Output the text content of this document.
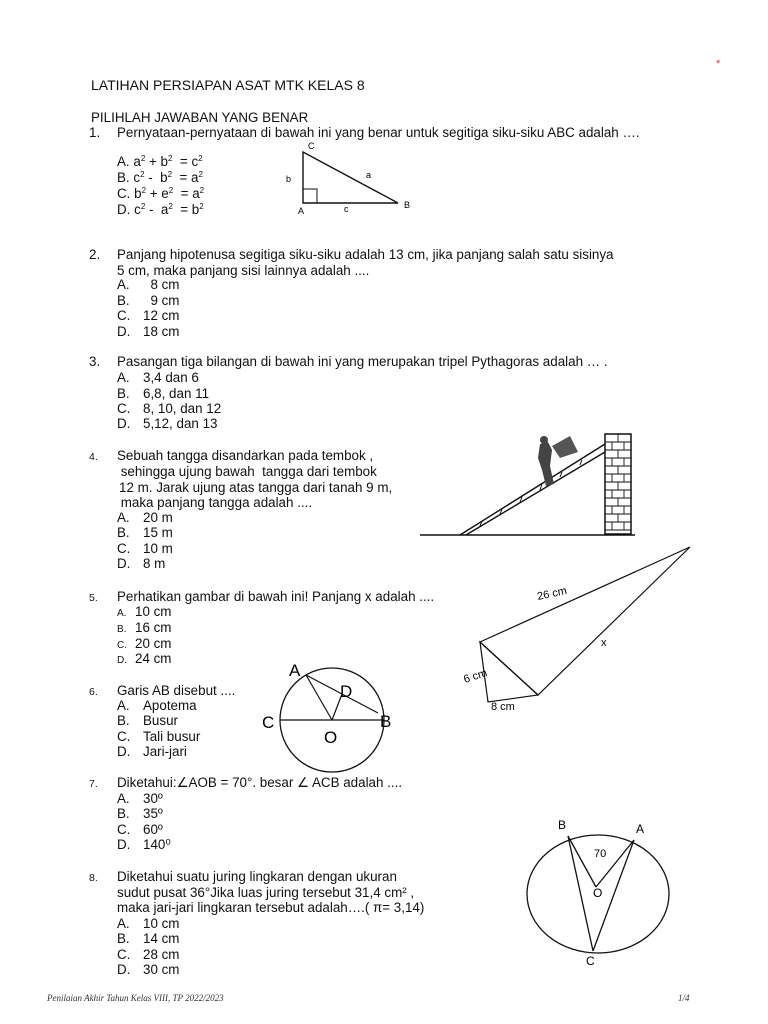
*
LATIHAN PERSIAPAN ASAT MTK KELAS 8
PILIHLAH JAWABAN YANG BENAR
1. Pernyataan-pernyataan di bawah ini yang benar untuk segitiga siku-siku ABC adalah ….
A. $a^2 + b^2 = c^2$
B. $c^2 - b^2 = a^2$
C. $b^2 + e^2 = a^2$
D. $c^2 - a^2 = b^2$
C
b	a
A	c	B
2. Panjang hipotenusa segitiga siku-siku adalah 13 cm, jika panjang salah satu sisinya
5 cm, maka panjang sisi lainnya adalah ....
A.  8 cm
B.  9 cm
C. 12 cm
D. 18 cm
3. Pasangan tiga bilangan di bawah ini yang merupakan tripel Pythagoras adalah … .
A. 3,4 dan 6
B. 6,8, dan 11
C. 8, 10, dan 12
D. 5,12, dan 13
4. Sebuah tangga disandarkan pada tembok ,
sehingga ujung bawah  tangga dari tembok
12 m. Jarak ujung atas tangga dari tanah 9 m,
maka panjang tangga adalah ....
A. 20 m
B. 15 m
C. 10 m
D. 8 m
5. Perhatikan gambar di bawah ini! Panjang x adalah ....
A. 10 cm
B. 16 cm
C. 20 cm
D. 24 cm
26 cm
x
6 cm
8 cm
6. Garis AB disebut ....
A. Apotema
B. Busur
C. Tali busur
D. Jari-jari
A
D
C	B
O
7. Diketahui:∠AOB = 70°. besar ∠ ACB adalah ....
A. 30º
B. 35º
C. 60º
D. 140⁰
B	A
70
O
C
8. Diketahui suatu juring lingkaran dengan ukuran
sudut pusat 36°Jika luas juring tersebut 31,4 cm² ,
maka jari-jari lingkaran tersebut adalah….( π= 3,14)
A. 10 cm
B. 14 cm
C. 28 cm
D. 30 cm
Penilaian Akhir Tahun Kelas VIII, TP 2022/2023	1/4
